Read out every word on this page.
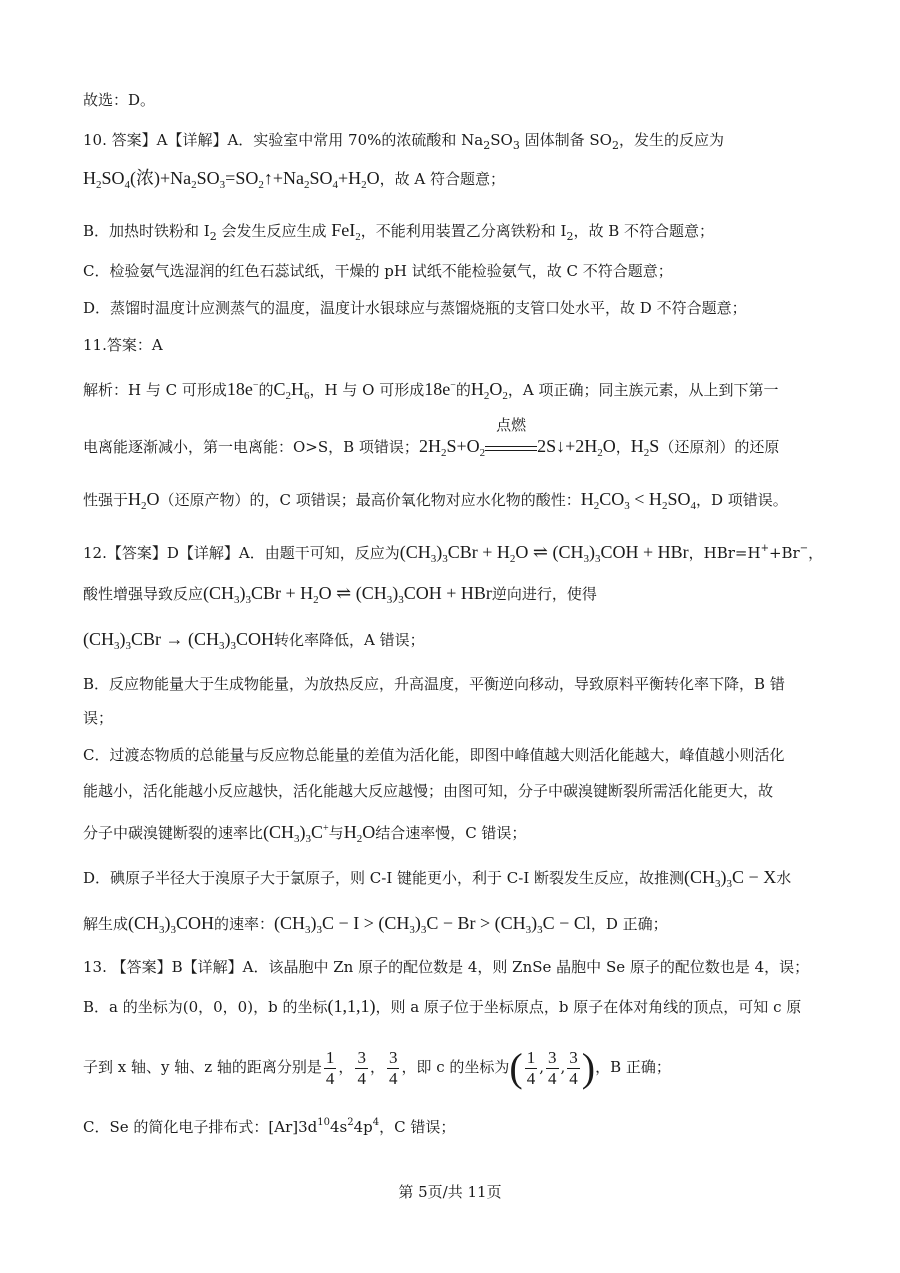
故选：D。
10. 答案】A【详解】A．实验室中常用 70%的浓硫酸和 $Na_2SO_3$ 固体制备 $SO_2$，发生的反应为
$H_2SO_4$(浓)$+Na_2SO_3=SO_2↑+Na_2SO_4+H_2O$，故 A 符合题意；
B．加热时铁粉和 $I_2$ 会发生反应生成 FeI$_2$，不能利用装置乙分离铁粉和 $I_2$，故 B 不符合题意；
C．检验氨气选湿润的红色石蕊试纸，干燥的 pH 试纸不能检验氨气，故 C 不符合题意；
D．蒸馏时温度计应测蒸气的温度，温度计水银球应与蒸馏烧瓶的支管口处水平，故 D 不符合题意；
11.答案：A
解析：H 与 C 可形成18e−的$C_2H_6$，H 与 O 可形成18e−的$H_2O_2$，A 项正确；同主族元素，从上到下第一
电离能逐渐减小，第一电离能：O>S，B 项错误；$2H_2S+O_2$
点燃
$2S↓+2H_2O$，$H_2S$（还原剂）的还原
性强于$H_2O$（还原产物）的，C 项错误；最高价氧化物对应水化物的酸性：$H_2CO_3 < H_2SO_4$，D 项错误。
12.【答案】D【详解】A．由题干可知，反应为$(CH_3)_3CBr + H_2O$ ⇌ $(CH_3)_3COH$ + HBr，HBr=H++Br−，
酸性增强导致反应$(CH_3)_3CBr + H_2O$ ⇌ $(CH_3)_3COH$ + HBr逆向进行，使得
$(CH_3)_3CBr \to (CH_3)_3COH$转化率降低，A 错误；
B．反应物能量大于生成物能量，为放热反应，升高温度，平衡逆向移动，导致原料平衡转化率下降，B 错
误；
C．过渡态物质的总能量与反应物总能量的差值为活化能，即图中峰值越大则活化能越大，峰值越小则活化
能越小，活化能越小反应越快，活化能越大反应越慢；由图可知，分子中碳溴键断裂所需活化能更大，故
分子中碳溴键断裂的速率比$(CH_3)_3C^+$与$H_2O$结合速率慢，C 错误；
D．碘原子半径大于溴原子大于氯原子，则 C-I 键能更小，利于 C-I 断裂发生反应，故推测$(CH_3)_3C - X$水
解生成$(CH_3)_3COH$的速率：$(CH_3)_3C - I > (CH_3)_3C - Br > (CH_3)_3C - Cl$，D 正确；
13. 【答案】B【详解】A．该晶胞中 Zn 原子的配位数是 4，则 ZnSe 晶胞中 Se 原子的配位数也是 4，误；
B．a 的坐标为(0，0，0)，b 的坐标(1,1,1)，则 a 原子位于坐标原点，b 原子在体对角线的顶点，可知 c 原
子到 x 轴、y 轴、z 轴的距离分别是 $\frac{1}{4}$ ， $\frac{3}{4}$ ， $\frac{3}{4}$ ，即 c 的坐标为( $\frac{1}{4}$ , $\frac{3}{4}$ , $\frac{3}{4}$ )，B 正确；
C．Se 的简化电子排布式：$[Ar]3d^{10}4s^24p^4$，C 错误；
第 5页/共 11页
